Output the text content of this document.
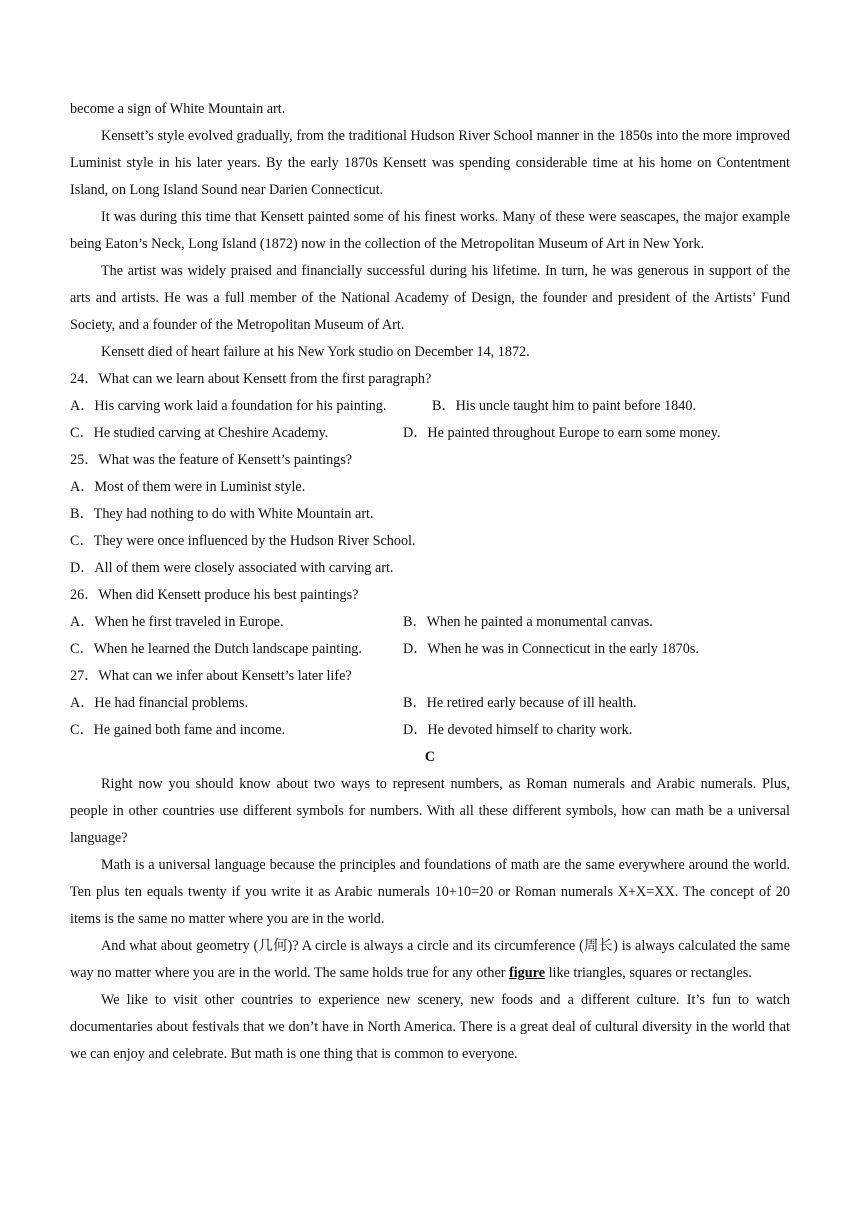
become a sign of White Mountain art.

Kensett’s style evolved gradually, from the traditional Hudson River School manner in the 1850s into the more improved Luminist style in his later years. By the early 1870s Kensett was spending considerable time at his home on Contentment Island, on Long Island Sound near Darien Connecticut.

It was during this time that Kensett painted some of his finest works. Many of these were seascapes, the major example being Eaton’s Neck, Long Island (1872) now in the collection of the Metropolitan Museum of Art in New York.

The artist was widely praised and financially successful during his lifetime. In turn, he was generous in support of the arts and artists. He was a full member of the National Academy of Design, the founder and president of the Artists’ Fund Society, and a founder of the Metropolitan Museum of Art.

Kensett died of heart failure at his New York studio on December 14, 1872.
24．What can we learn about Kensett from the first paragraph?
A．His carving work laid a foundation for his painting.	B．His uncle taught him to paint before 1840.
C．He studied carving at Cheshire Academy.	D．He painted throughout Europe to earn some money.
25．What was the feature of Kensett’s paintings?
A．Most of them were in Luminist style.
B．They had nothing to do with White Mountain art.
C．They were once influenced by the Hudson River School.
D．All of them were closely associated with carving art.
26．When did Kensett produce his best paintings?
A．When he first traveled in Europe.	B．When he painted a monumental canvas.
C．When he learned the Dutch landscape painting.	D．When he was in Connecticut in the early 1870s.
27．What can we infer about Kensett’s later life?
A．He had financial problems.	B．He retired early because of ill health.
C．He gained both fame and income.	D．He devoted himself to charity work.
C

Right now you should know about two ways to represent numbers, as Roman numerals and Arabic numerals. Plus, people in other countries use different symbols for numbers. With all these different symbols, how can math be a universal language?

Math is a universal language because the principles and foundations of math are the same everywhere around the world. Ten plus ten equals twenty if you write it as Arabic numerals 10+10=20 or Roman numerals X+X=XX. The concept of 20 items is the same no matter where you are in the world.

And what about geometry (几何)? A circle is always a circle and its circumference (周长) is always calculated the same way no matter where you are in the world. The same holds true for any other figure like triangles, squares or rectangles.

We like to visit other countries to experience new scenery, new foods and a different culture. It’s fun to watch documentaries about festivals that we don’t have in North America. There is a great deal of cultural diversity in the world that we can enjoy and celebrate. But math is one thing that is common to everyone.
